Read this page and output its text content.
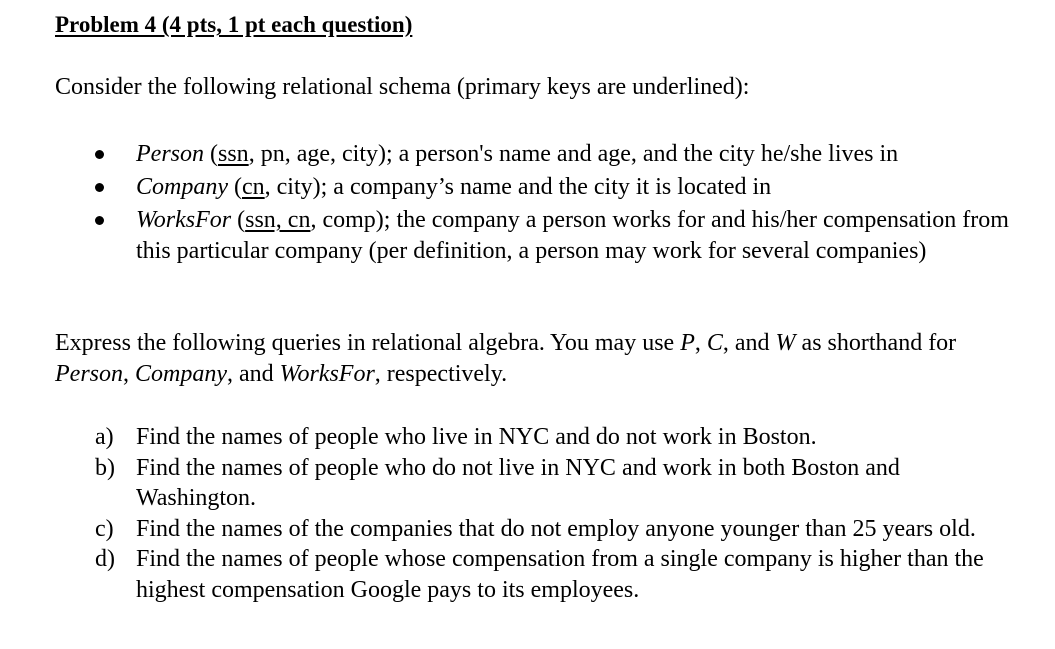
Problem 4 (4 pts, 1 pt each question)

Consider the following relational schema (primary keys are underlined):

Person (ssn, pn, age, city); a person's name and age, and the city he/she lives in
Company (cn, city); a company’s name and the city it is located in
WorksFor (ssn, cn, comp); the company a person works for and his/her compensation from this particular company (per definition, a person may work for several companies)

Express the following queries in relational algebra. You may use P, C, and W as shorthand for Person, Company, and WorksFor, respectively.

a) Find the names of people who live in NYC and do not work in Boston.
b) Find the names of people who do not live in NYC and work in both Boston and Washington.
c) Find the names of the companies that do not employ anyone younger than 25 years old.
d) Find the names of people whose compensation from a single company is higher than the highest compensation Google pays to its employees.
